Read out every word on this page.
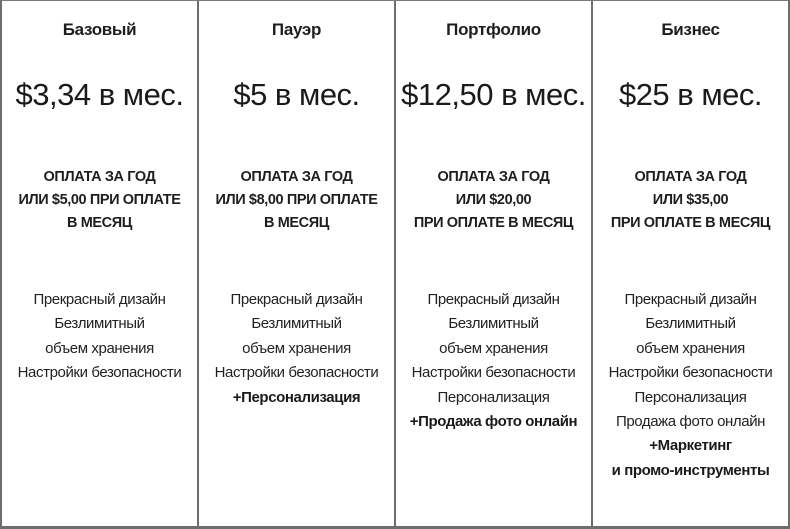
Базовый
$3,34 в мес.
ОПЛАТА ЗА ГОД
ИЛИ $5,00 ПРИ ОПЛАТЕ
В МЕСЯЦ
Прекрасный дизайн
Безлимитный
объем хранения
Настройки безопасности
Пауэр
$5 в мес.
ОПЛАТА ЗА ГОД
ИЛИ $8,00 ПРИ ОПЛАТЕ
В МЕСЯЦ
Прекрасный дизайн
Безлимитный
объем хранения
Настройки безопасности
+Персонализация
Портфолио
$12,50 в мес.
ОПЛАТА ЗА ГОД
ИЛИ $20,00
ПРИ ОПЛАТЕ В МЕСЯЦ
Прекрасный дизайн
Безлимитный
объем хранения
Настройки безопасности
Персонализация
+Продажа фото онлайн
Бизнес
$25 в мес.
ОПЛАТА ЗА ГОД
ИЛИ $35,00
ПРИ ОПЛАТЕ В МЕСЯЦ
Прекрасный дизайн
Безлимитный
объем хранения
Настройки безопасности
Персонализация
Продажа фото онлайн
+Маркетинг
и промо-инструменты
